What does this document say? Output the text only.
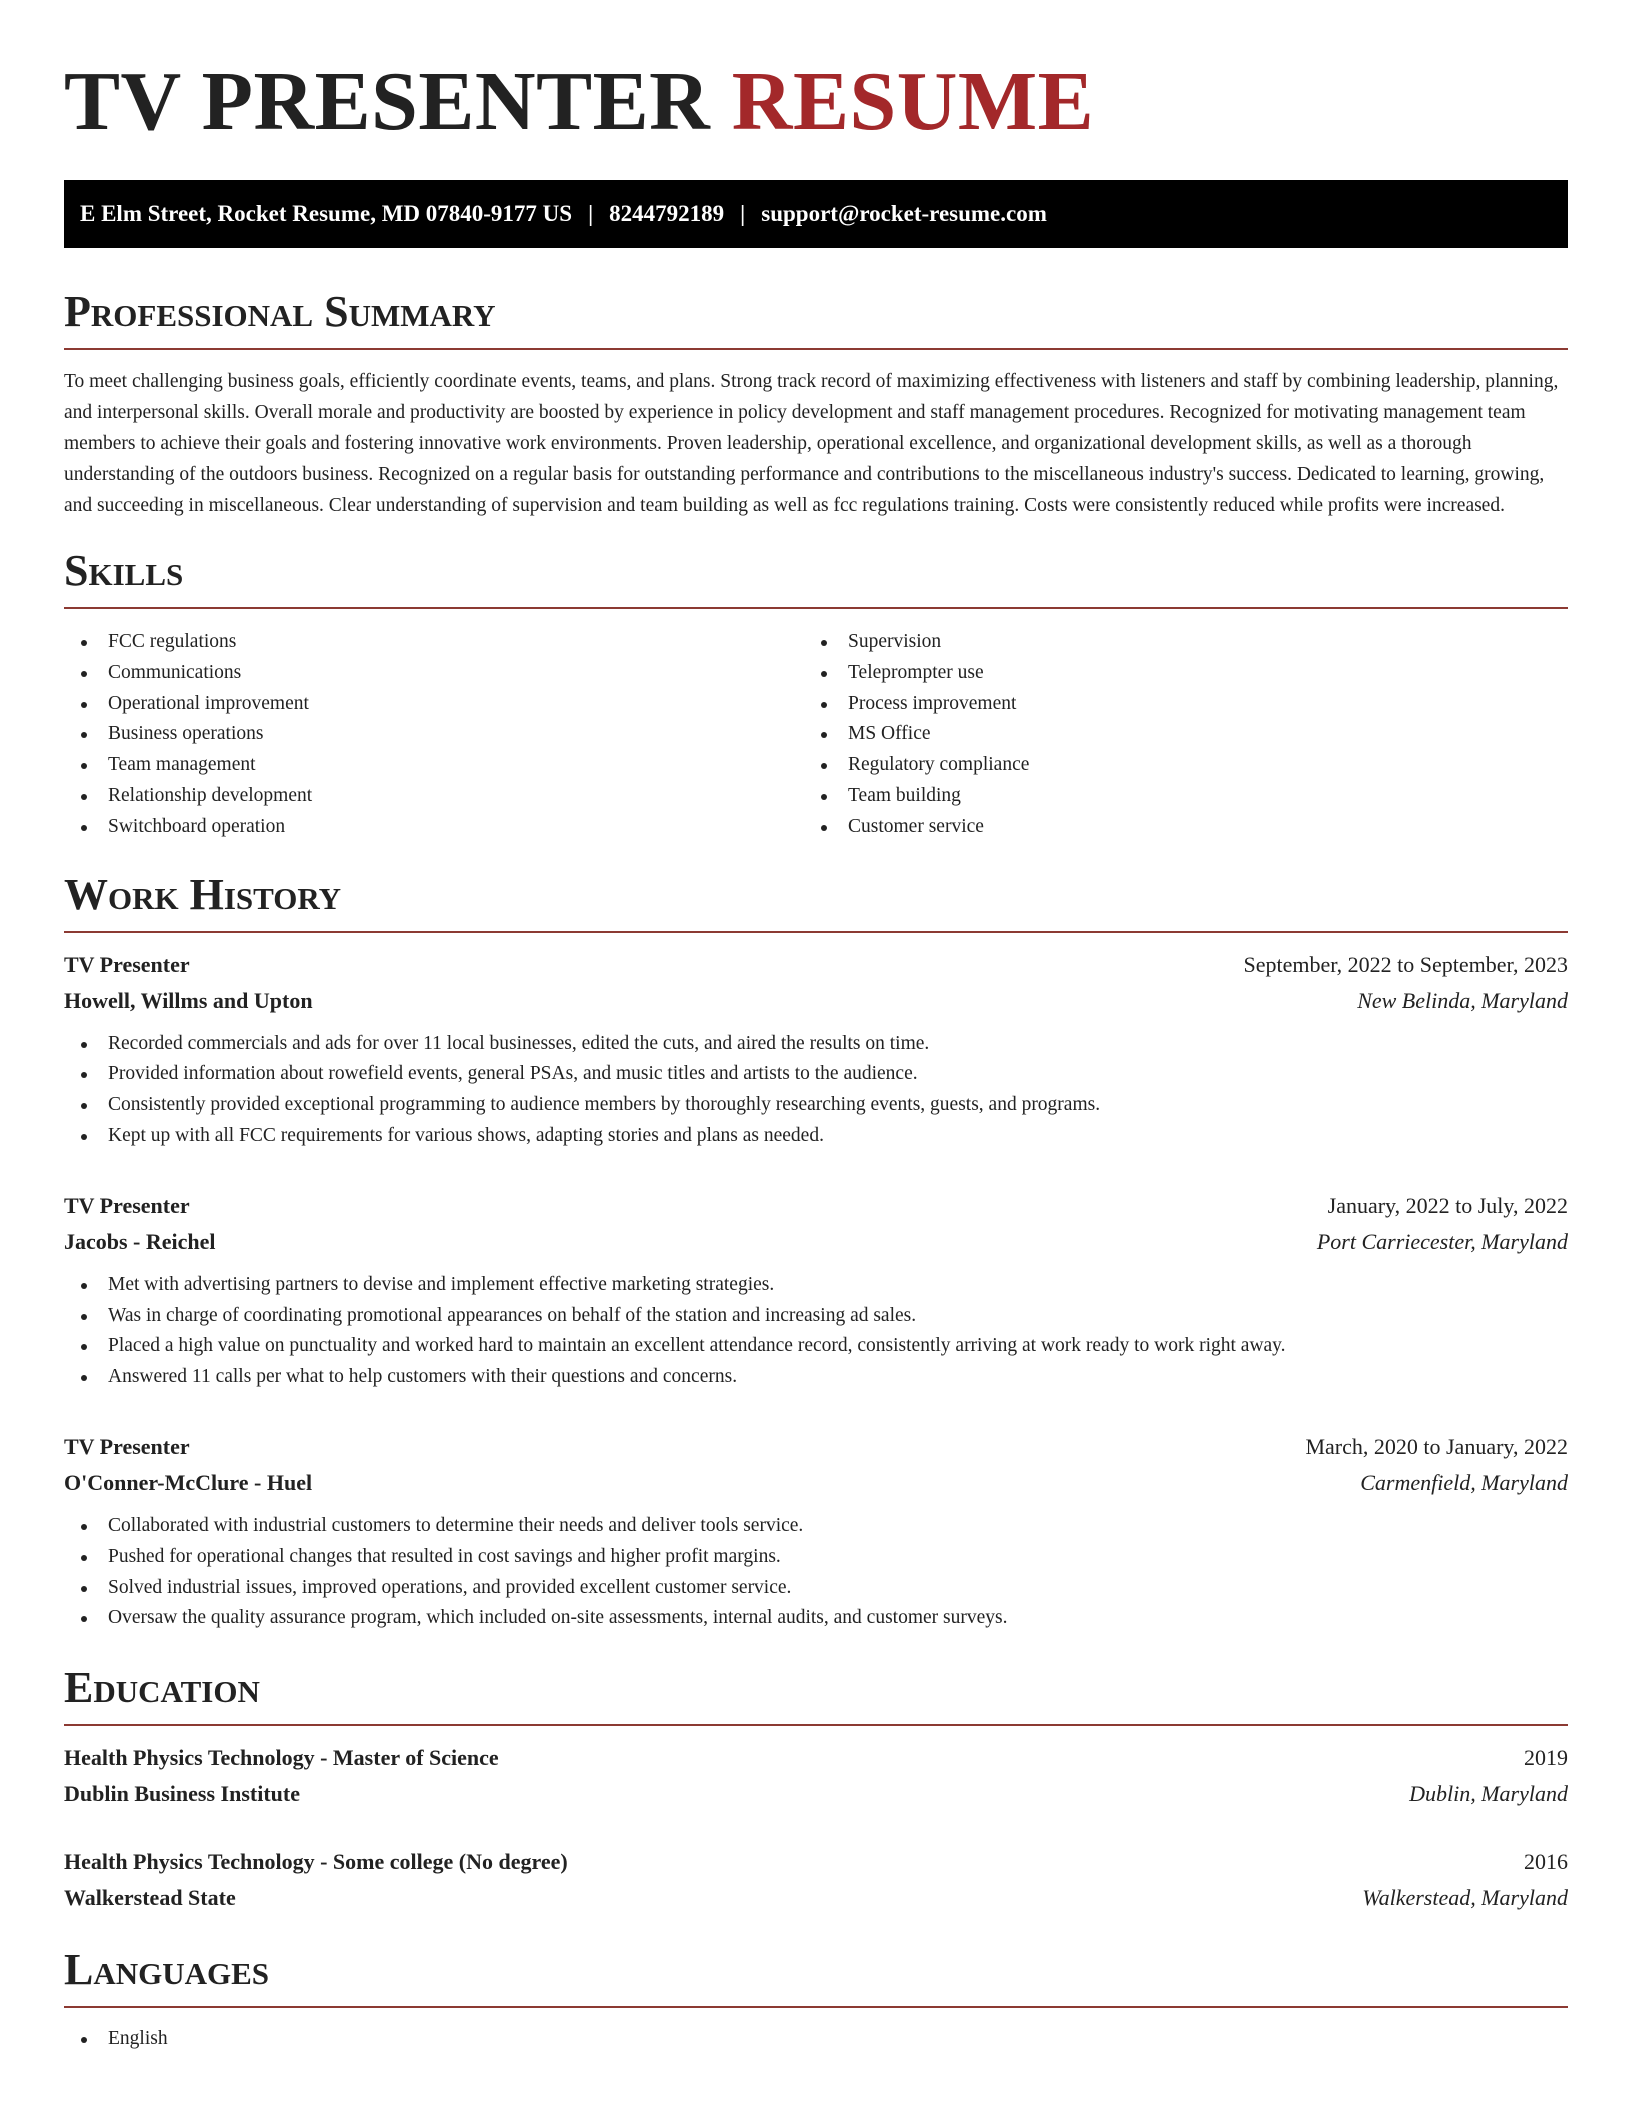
TV PRESENTER RESUME
E Elm Street, Rocket Resume, MD 07840-9177 US | 8244792189 | support@rocket-resume.com
Professional Summary

To meet challenging business goals, efficiently coordinate events, teams, and plans. Strong track record of maximizing effectiveness with listeners and staff by combining leadership, planning, and interpersonal skills. Overall morale and productivity are boosted by experience in policy development and staff management procedures. Recognized for motivating management team members to achieve their goals and fostering innovative work environments. Proven leadership, operational excellence, and organizational development skills, as well as a thorough understanding of the outdoors business. Recognized on a regular basis for outstanding performance and contributions to the miscellaneous industry's success. Dedicated to learning, growing, and succeeding in miscellaneous. Clear understanding of supervision and team building as well as fcc regulations training. Costs were consistently reduced while profits were increased.

Skills
FCC regulations
Communications
Operational improvement
Business operations
Team management
Relationship development
Switchboard operation
Supervision
Teleprompter use
Process improvement
MS Office
Regulatory compliance
Team building
Customer service
Work History
TV Presenter	September, 2022 to September, 2023
Howell, Willms and Upton	New Belinda, Maryland
Recorded commercials and ads for over 11 local businesses, edited the cuts, and aired the results on time.
Provided information about rowefield events, general PSAs, and music titles and artists to the audience.
Consistently provided exceptional programming to audience members by thoroughly researching events, guests, and programs.
Kept up with all FCC requirements for various shows, adapting stories and plans as needed.
TV Presenter	January, 2022 to July, 2022
Jacobs - Reichel	Port Carriecester, Maryland
Met with advertising partners to devise and implement effective marketing strategies.
Was in charge of coordinating promotional appearances on behalf of the station and increasing ad sales.
Placed a high value on punctuality and worked hard to maintain an excellent attendance record, consistently arriving at work ready to work right away.
Answered 11 calls per what to help customers with their questions and concerns.
TV Presenter	March, 2020 to January, 2022
O'Conner-McClure - Huel	Carmenfield, Maryland
Collaborated with industrial customers to determine their needs and deliver tools service.
Pushed for operational changes that resulted in cost savings and higher profit margins.
Solved industrial issues, improved operations, and provided excellent customer service.
Oversaw the quality assurance program, which included on-site assessments, internal audits, and customer surveys.
Education
Health Physics Technology - Master of Science	2019
Dublin Business Institute	Dublin, Maryland
Health Physics Technology - Some college (No degree)	2016
Walkerstead State	Walkerstead, Maryland
Languages
English
